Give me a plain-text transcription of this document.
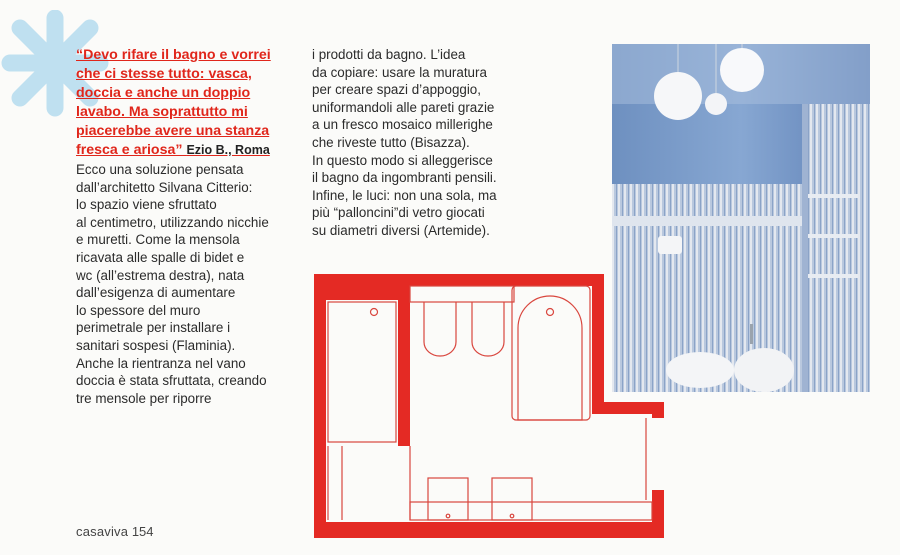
“Devo rifare il bagno e vorrei
che ci stesse tutto: vasca,
doccia e anche un doppio
lavabo. Ma soprattutto mi
piacerebbe avere una stanza
fresca e ariosa” Ezio B., Roma
Ecco una soluzione pensata
dall’architetto Silvana Citterio:
lo spazio viene sfruttato
al centimetro, utilizzando nicchie
e muretti. Come la mensola
ricavata alle spalle di bidet e
wc (all’estrema destra), nata
dall’esigenza di aumentare
lo spessore del muro
perimetrale per installare i
sanitari sospesi (Flaminia).
Anche la rientranza nel vano
doccia è stata sfruttata, creando
tre mensole per riporre
i prodotti da bagno. L’idea
da copiare: usare la muratura
per creare spazi d’appoggio,
uniformandoli alle pareti grazie
a un fresco mosaico millerighe
che riveste tutto (Bisazza).
In questo modo si alleggerisce
il bagno da ingombranti pensili.
Infine, le luci: non una sola, ma
più “palloncini”di vetro giocati
su diametri diversi (Artemide).
casaviva 154
